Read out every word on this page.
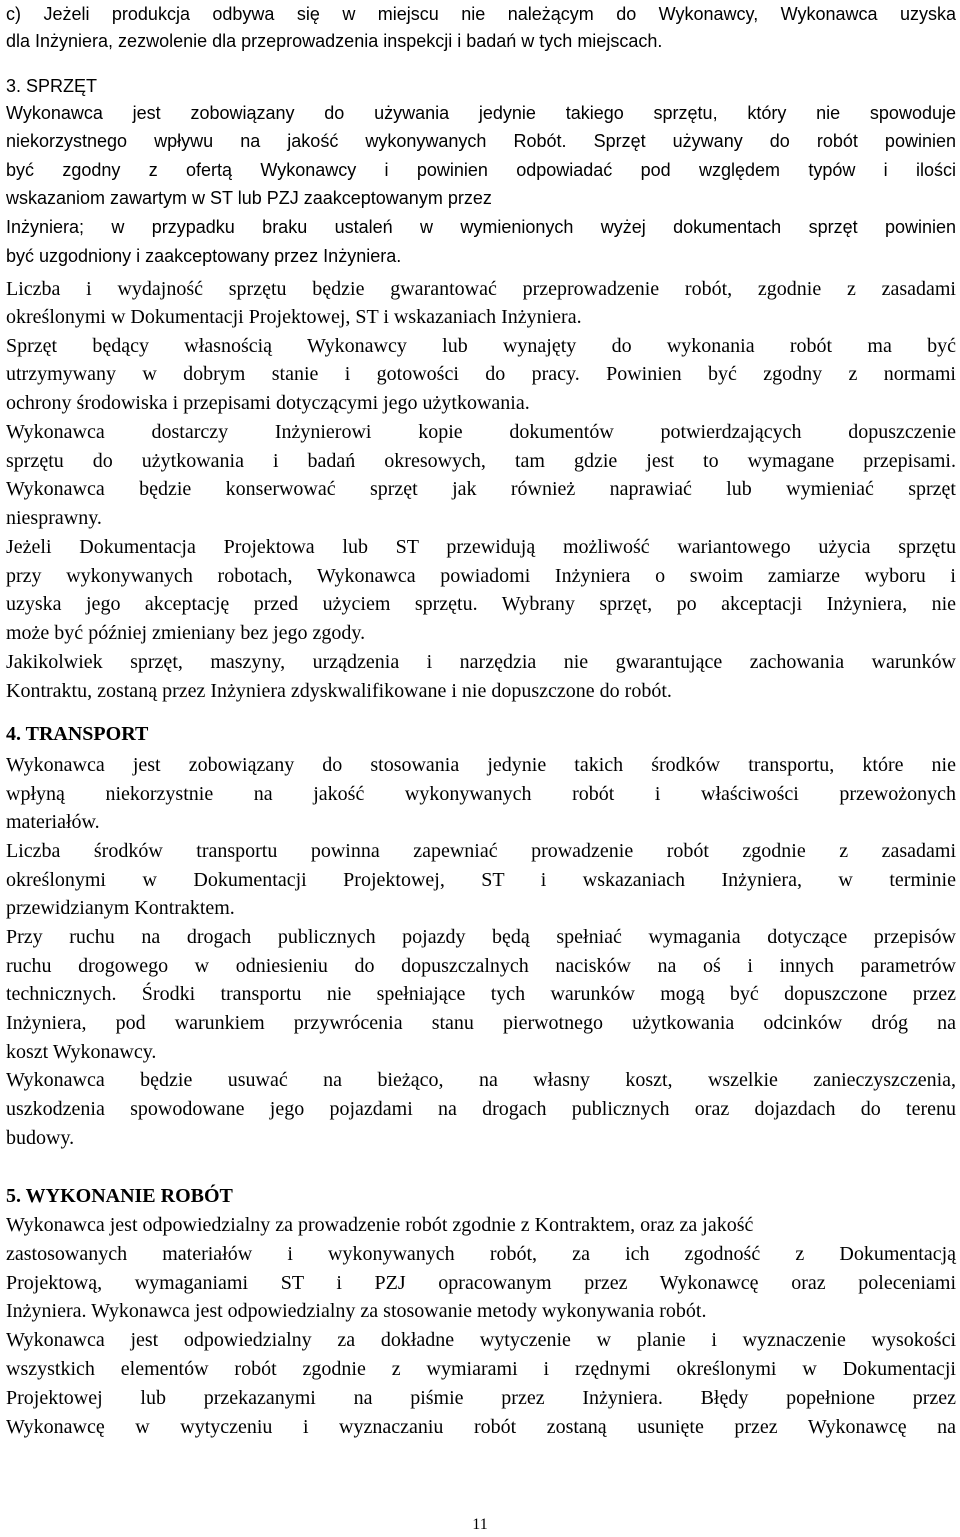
c) Jeżeli produkcja odbywa się w miejscu nie należącym do Wykonawcy, Wykonawca uzyska
dla Inżyniera, zezwolenie dla przeprowadzenia inspekcji i badań w tych miejscach.
3. SPRZĘT
Wykonawca jest zobowiązany do używania jedynie takiego sprzętu, który nie spowoduje
niekorzystnego wpływu na jakość wykonywanych Robót. Sprzęt używany do robót powinien
być zgodny z ofertą Wykonawcy i powinien odpowiadać pod względem typów i ilości
wskazaniom zawartym w ST lub PZJ zaakceptowanym przez
Inżyniera; w przypadku braku ustaleń w wymienionych wyżej dokumentach sprzęt powinien
być uzgodniony i zaakceptowany przez Inżyniera.
Liczba i wydajność sprzętu będzie gwarantować przeprowadzenie robót, zgodnie z zasadami
określonymi w Dokumentacji Projektowej, ST i wskazaniach Inżyniera.
Sprzęt będący własnością Wykonawcy lub wynajęty do wykonania robót ma być
utrzymywany w dobrym stanie i gotowości do pracy. Powinien być zgodny z normami
ochrony środowiska i przepisami dotyczącymi jego użytkowania.
Wykonawca dostarczy Inżynierowi kopie dokumentów potwierdzających dopuszczenie
sprzętu do użytkowania i badań okresowych, tam gdzie jest to wymagane przepisami.
Wykonawca będzie konserwować sprzęt jak również naprawiać lub wymieniać sprzęt
niesprawny.
Jeżeli Dokumentacja Projektowa lub ST przewidują możliwość wariantowego użycia sprzętu
przy wykonywanych robotach, Wykonawca powiadomi Inżyniera o swoim zamiarze wyboru i
uzyska jego akceptację przed użyciem sprzętu. Wybrany sprzęt, po akceptacji Inżyniera, nie
może być później zmieniany bez jego zgody.
Jakikolwiek sprzęt, maszyny, urządzenia i narzędzia nie gwarantujące zachowania warunków
Kontraktu, zostaną przez Inżyniera zdyskwalifikowane i nie dopuszczone do robót.
4. TRANSPORT
Wykonawca jest zobowiązany do stosowania jedynie takich środków transportu, które nie
wpłyną niekorzystnie na jakość wykonywanych robót i właściwości przewożonych
materiałów.
Liczba środków transportu powinna zapewniać prowadzenie robót zgodnie z zasadami
określonymi w Dokumentacji Projektowej, ST i wskazaniach Inżyniera, w terminie
przewidzianym Kontraktem.
Przy ruchu na drogach publicznych pojazdy będą spełniać wymagania dotyczące przepisów
ruchu drogowego w odniesieniu do dopuszczalnych nacisków na oś i innych parametrów
technicznych. Środki transportu nie spełniające tych warunków mogą być dopuszczone przez
Inżyniera, pod warunkiem przywrócenia stanu pierwotnego użytkowania odcinków dróg na
koszt Wykonawcy.
Wykonawca będzie usuwać na bieżąco, na własny koszt, wszelkie zanieczyszczenia,
uszkodzenia spowodowane jego pojazdami na drogach publicznych oraz dojazdach do terenu
budowy.
5. WYKONANIE ROBÓT
Wykonawca jest odpowiedzialny za prowadzenie robót zgodnie z Kontraktem, oraz za jakość
zastosowanych materiałów i wykonywanych robót, za ich zgodność z Dokumentacją
Projektową, wymaganiami ST i PZJ opracowanym przez Wykonawcę oraz poleceniami
Inżyniera. Wykonawca jest odpowiedzialny za stosowanie metody wykonywania robót.
Wykonawca jest odpowiedzialny za dokładne wytyczenie w planie i wyznaczenie wysokości
wszystkich elementów robót zgodnie z wymiarami i rzędnymi określonymi w Dokumentacji
Projektowej lub przekazanymi na piśmie przez Inżyniera. Błędy popełnione przez
Wykonawcę w wytyczeniu i wyznaczaniu robót zostaną usunięte przez Wykonawcę na
11
